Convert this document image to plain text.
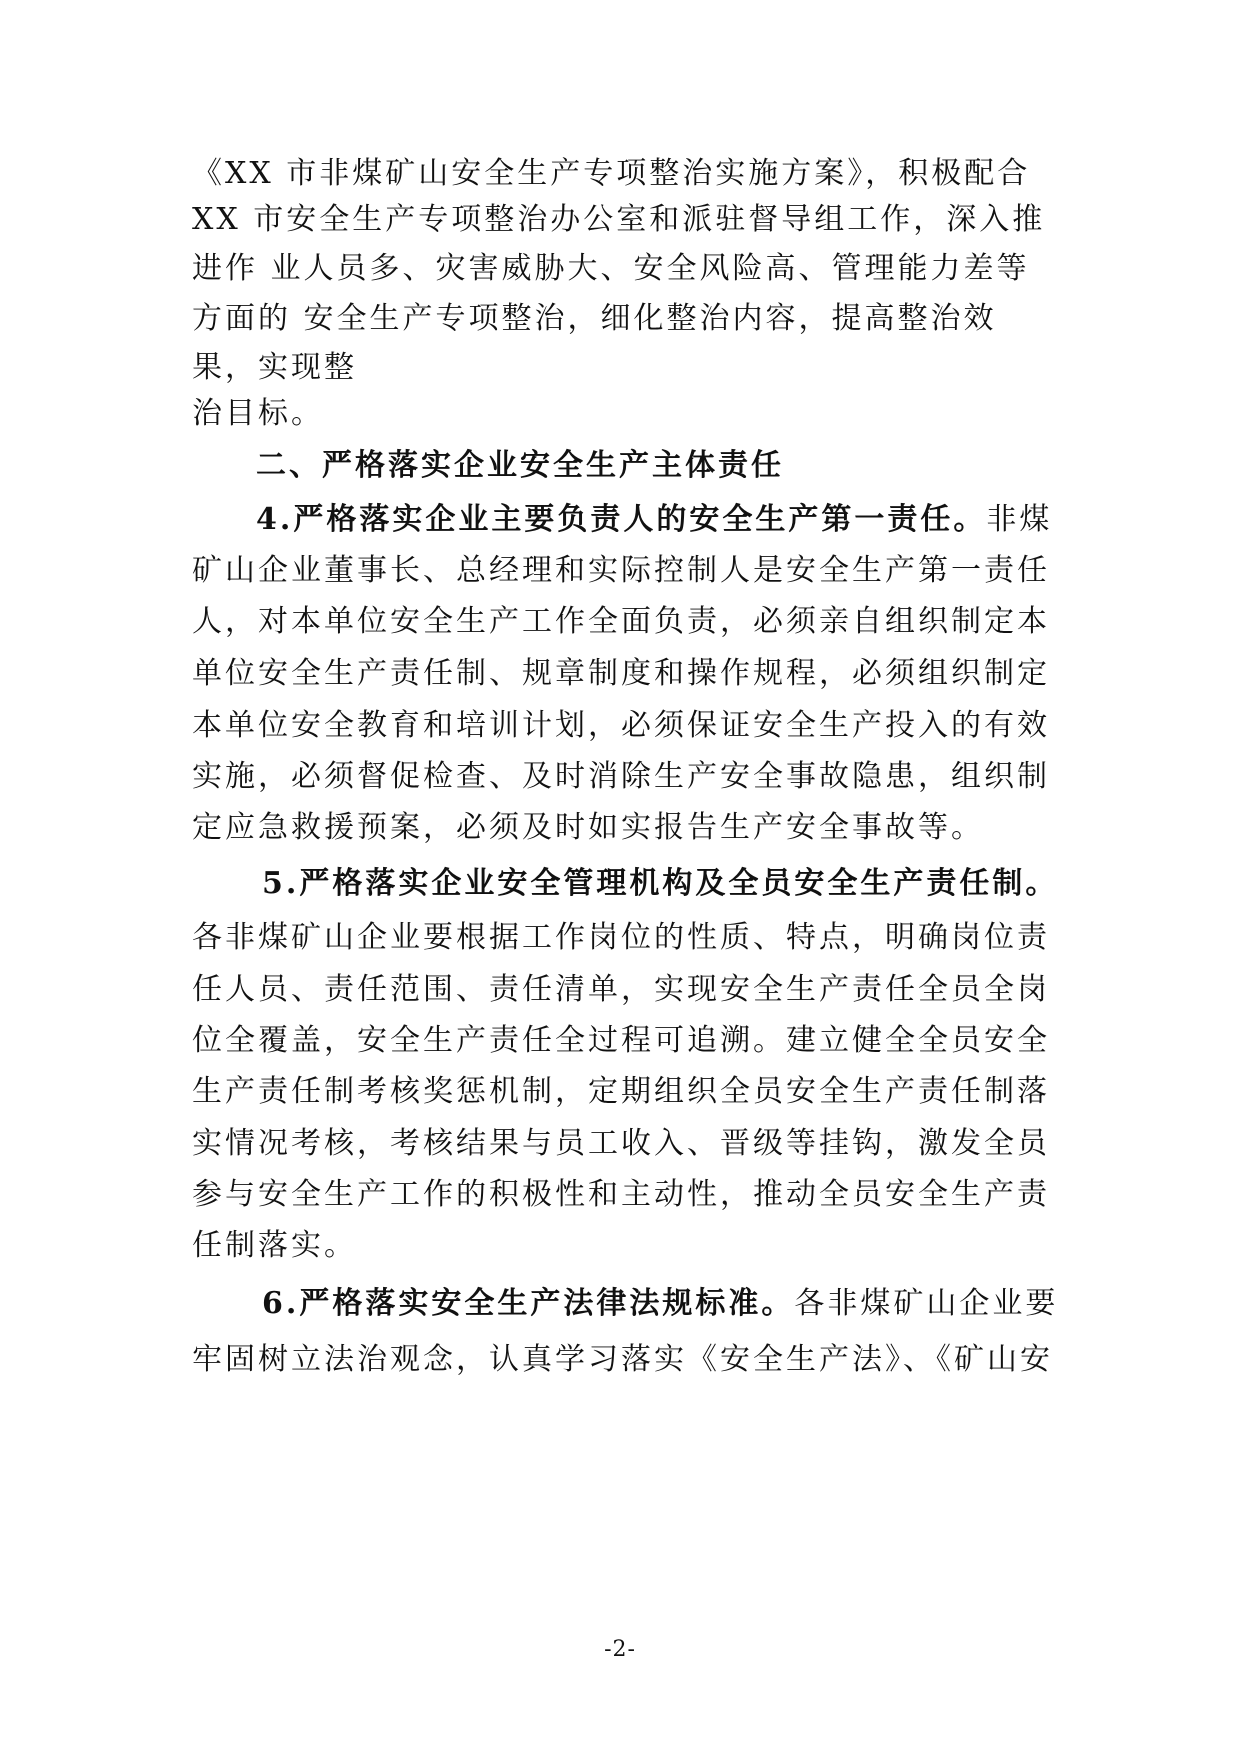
《XX 市非煤矿山安全生产专项整治实施方案》，积极配合
XX 市安全生产专项整治办公室和派驻督导组工作，深入推
进作 业人员多、灾害威胁大、安全风险高、管理能力差等
方面的 安全生产专项整治，细化整治内容，提高整治效
果，实现整
治目标。
二、严格落实企业安全生产主体责任
4.严格落实企业主要负责人的安全生产第一责任。非煤
矿山企业董事长、总经理和实际控制人是安全生产第一责任
人，对本单位安全生产工作全面负责，必须亲自组织制定本
单位安全生产责任制、规章制度和操作规程，必须组织制定
本单位安全教育和培训计划，必须保证安全生产投入的有效
实施，必须督促检查、及时消除生产安全事故隐患，组织制
定应急救援预案，必须及时如实报告生产安全事故等。
5.严格落实企业安全管理机构及全员安全生产责任制。
各非煤矿山企业要根据工作岗位的性质、特点，明确岗位责
任人员、责任范围、责任清单，实现安全生产责任全员全岗
位全覆盖，安全生产责任全过程可追溯。建立健全全员安全
生产责任制考核奖惩机制，定期组织全员安全生产责任制落
实情况考核，考核结果与员工收入、晋级等挂钩，激发全员
参与安全生产工作的积极性和主动性，推动全员安全生产责
任制落实。
6.严格落实安全生产法律法规标准。各非煤矿山企业要
牢固树立法治观念，认真学习落实《安全生产法》、《矿山安
-2-
